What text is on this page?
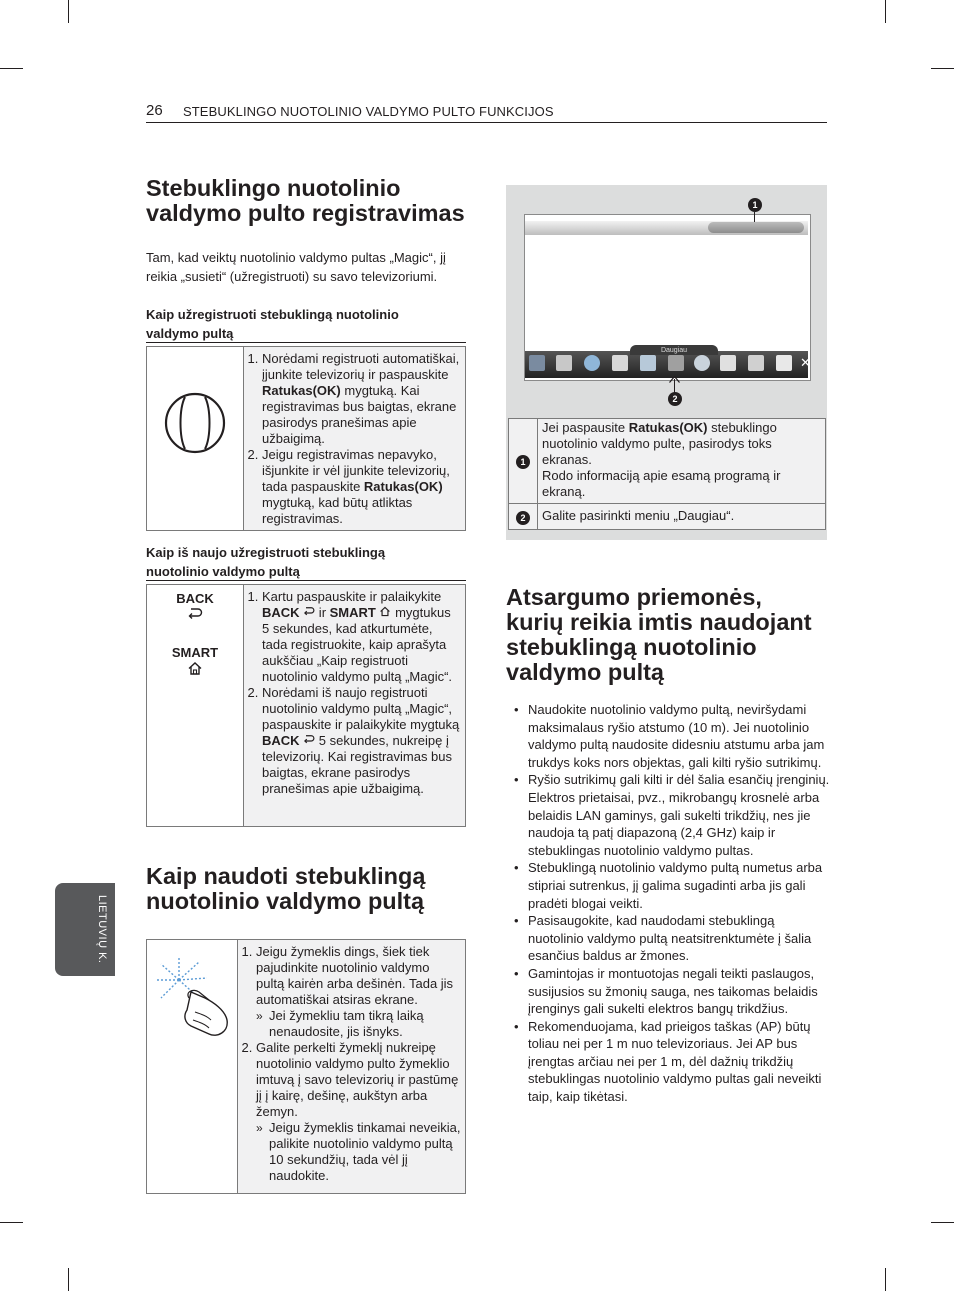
26 STEBUKLINGO NUOTOLINIO VALDYMO PULTO FUNKCIJOS
LIETUVIŲ K.
Stebuklingo nuotolinio
valdymo pulto registravimas

Tam, kad veiktų nuotolinio valdymo pultas „Magic“, jį
reikia „susieti“ (užregistruoti) su savo televizoriumi.

Kaip užregistruoti stebuklingą nuotolinio
valdymo pultą

1. Norėdami registruoti automatiškai, įjunkite televizorių ir paspauskite Ratukas(OK) mygtuką. Kai registravimas bus baigtas, ekrane pasirodys pranešimas apie užbaigimą.
2. Jeigu registravimas nepavyko, išjunkite ir vėl įjunkite televizorių, tada paspauskite Ratukas(OK) mygtuką, kad būtų atliktas registravimas.
Kaip iš naujo užregistruoti stebuklingą
nuotolinio valdymo pultą
BACK
SMART

1. Kartu paspauskite ir palaikykite BACK  ir SMART  mygtukus 5 sekundes, kad atkurtumėte, tada registruokite, kaip aprašyta aukščiau „Kaip registruoti nuotolinio valdymo pultą „Magic“.
2. Norėdami iš naujo registruoti nuotolinio valdymo pultą „Magic“, paspauskite ir palaikykite mygtuką BACK  5 sekundes, nukreipę į televizorių. Kai registravimas bus baigtas, ekrane pasirodys pranešimas apie užbaigimą.
Kaip naudoti stebuklingą
nuotolinio valdymo pultą

1. Jeigu žymeklis dings, šiek tiek pajudinkite nuotolinio valdymo pultą kairėn arba dešinėn. Tada jis automatiškai atsiras ekrane.
» Jei žymekliu tam tikrą laiką nenaudosite, jis išnyks.
2. Galite perkelti žymeklį nukreipę nuotolinio valdymo pulto žymeklio imtuvą į savo televizorių ir pastūmę jį į kairę, dešinę, aukštyn arba žemyn.
» Jeigu žymeklis tinkamai neveikia, palikite nuotolinio valdymo pultą 10 sekundžių, tada vėl jį naudokite.
1
Daugiau
✕
2
1	Jei paspausite Ratukas(OK) stebuklingo nuotolinio valdymo pulte, pasirodys toks ekranas.
Rodo informaciją apie esamą programą ir ekraną.
2	Galite pasirinkti meniu „Daugiau“.
Atsargumo priemonės,
kurių reikia imtis naudojant
stebuklingą nuotolinio
valdymo pultą
• Naudokite nuotolinio valdymo pultą, neviršydami maksimalaus ryšio atstumo (10 m). Jei nuotolinio valdymo pultą naudosite didesniu atstumu arba jam trukdys koks nors objektas, gali kilti ryšio sutrikimų.
• Ryšio sutrikimų gali kilti ir dėl šalia esančių įrenginių. Elektros prietaisai, pvz., mikrobangų krosnelė arba belaidis LAN gaminys, gali sukelti trikdžių, nes jie naudoja tą patį diapazoną (2,4 GHz) kaip ir stebuklingas nuotolinio valdymo pultas.
• Stebuklingą nuotolinio valdymo pultą numetus arba stipriai sutrenkus, jį galima sugadinti arba jis gali pradėti blogai veikti.
• Pasisaugokite, kad naudodami stebuklingą nuotolinio valdymo pultą neatsitrenktumėte į šalia esančius baldus ar žmones.
• Gamintojas ir montuotojas negali teikti paslaugos, susijusios su žmonių sauga, nes taikomas belaidis įrenginys gali sukelti elektros bangų trikdžius.
• Rekomenduojama, kad prieigos taškas (AP) būtų toliau nei per 1 m nuo televizoriaus. Jei AP bus įrengtas arčiau nei per 1 m, dėl dažnių trikdžių stebuklingas nuotolinio valdymo pultas gali neveikti taip, kaip tikėtasi.
